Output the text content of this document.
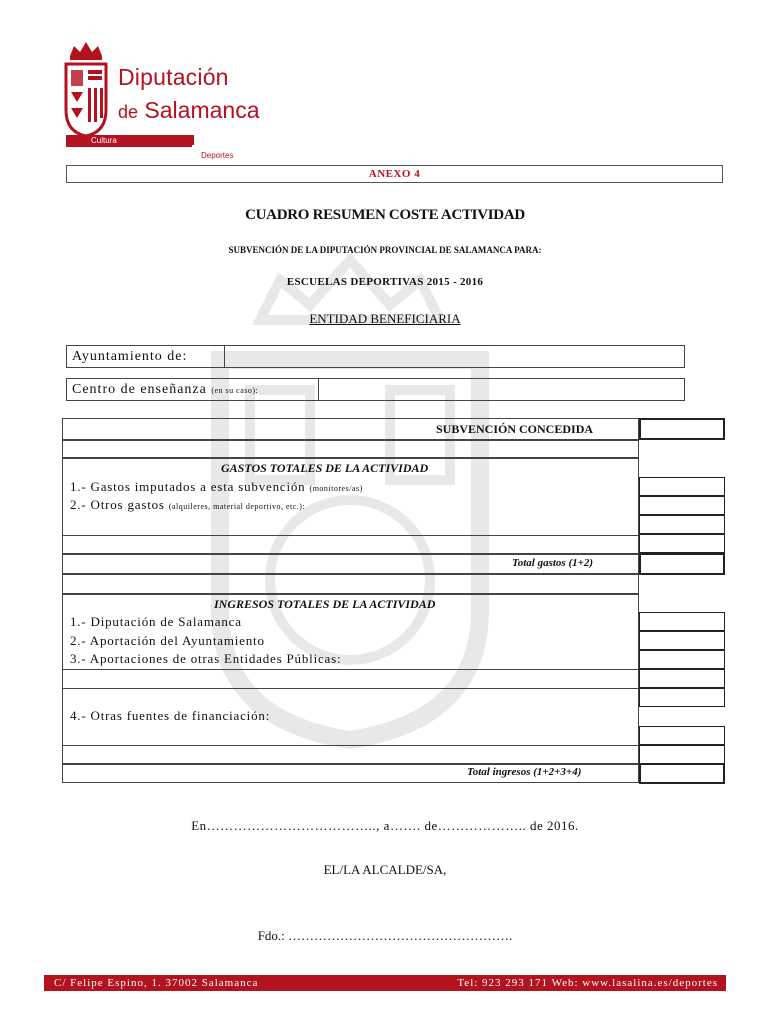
Diputación
de Salamanca
Cultura
Deportes
ANEXO 4
CUADRO RESUMEN COSTE ACTIVIDAD
SUBVENCIÓN DE LA DIPUTACIÓN PROVINCIAL DE SALAMANCA PARA:
ESCUELAS DEPORTIVAS 2015 - 2016
ENTIDAD BENEFICIARIA
Ayuntamiento de:
Centro de enseñanza (en su caso):
SUBVENCIÓN CONCEDIDA
GASTOS TOTALES DE LA ACTIVIDAD
1.- Gastos imputados a esta subvención (monitores/as)
2.- Otros gastos (alquileres, material deportivo, etc.):
Total gastos (1+2)
INGRESOS TOTALES DE LA ACTIVIDAD
1.- Diputación de Salamanca
2.- Aportación del Ayuntamiento
3.- Aportaciones de otras Entidades Públicas:
4.- Otras fuentes de financiación:
Total ingresos (1+2+3+4)
En……………………………….., a……. de……………….. de 2016.
EL/LA ALCALDE/SA,
Fdo.: …………………………………………….
C/ Felipe Espino, 1. 37002 Salamanca	Tel: 923 293 171 Web: www.lasalina.es/deportes
